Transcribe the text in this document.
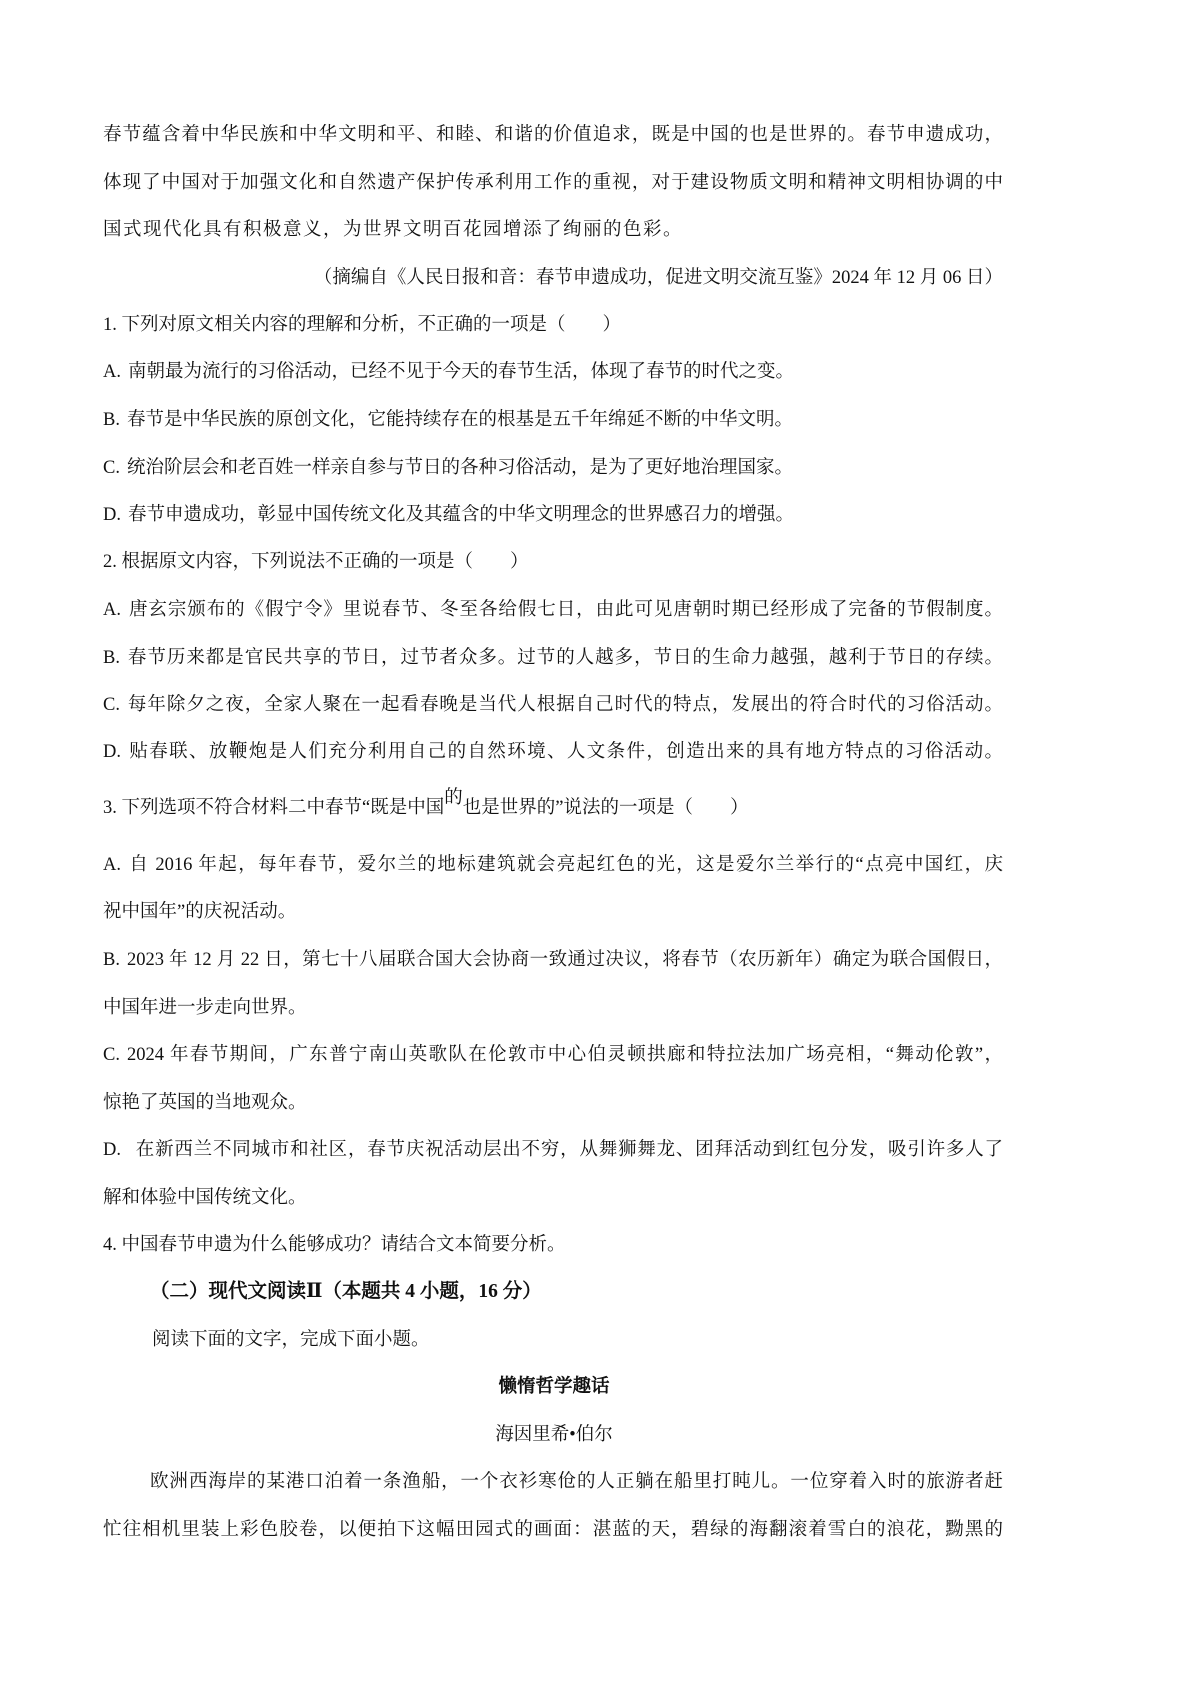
春节蕴含着中华民族和中华文明和平、和睦、和谐的价值追求，既是中国的也是世界的。春节申遗成功，
体现了中国对于加强文化和自然遗产保护传承利用工作的重视，对于建设物质文明和精神文明相协调的中
国式现代化具有积极意义，为世界文明百花园增添了绚丽的色彩。
（摘编自《人民日报和音：春节申遗成功，促进文明交流互鉴》2024 年 12 月 06 日）
1. 下列对原文相关内容的理解和分析，不正确的一项是（　　）
A. 南朝最为流行的习俗活动，已经不见于今天的春节生活，体现了春节的时代之变。
B. 春节是中华民族的原创文化，它能持续存在的根基是五千年绵延不断的中华文明。
C. 统治阶层会和老百姓一样亲自参与节日的各种习俗活动，是为了更好地治理国家。
D. 春节申遗成功，彰显中国传统文化及其蕴含的中华文明理念的世界感召力的增强。
2. 根据原文内容，下列说法不正确的一项是（　　）
A. 唐玄宗颁布的《假宁令》里说春节、冬至各给假七日，由此可见唐朝时期已经形成了完备的节假制度。
B. 春节历来都是官民共享的节日，过节者众多。过节的人越多，节日的生命力越强，越利于节日的存续。
C. 每年除夕之夜，全家人聚在一起看春晚是当代人根据自己时代的特点，发展出的符合时代的习俗活动。
D. 贴春联、放鞭炮是人们充分利用自己的自然环境、人文条件，创造出来的具有地方特点的习俗活动。
3. 下列选项不符合材料二中春节“既是中国的也是世界的”说法的一项是（　　）
A. 自 2016 年起，每年春节，爱尔兰的地标建筑就会亮起红色的光，这是爱尔兰举行的“点亮中国红，庆
祝中国年”的庆祝活动。
B. 2023 年 12 月 22 日，第七十八届联合国大会协商一致通过决议，将春节（农历新年）确定为联合国假日，
中国年进一步走向世界。
C. 2024 年春节期间，广东普宁南山英歌队在伦敦市中心伯灵顿拱廊和特拉法加广场亮相，“舞动伦敦”，
惊艳了英国的当地观众。
D. 在新西兰不同城市和社区，春节庆祝活动层出不穷，从舞狮舞龙、团拜活动到红包分发，吸引许多人了
解和体验中国传统文化。
4. 中国春节申遗为什么能够成功？请结合文本简要分析。
（二）现代文阅读Ⅱ（本题共 4 小题，16 分）
阅读下面的文字，完成下面小题。
懒惰哲学趣话
海因里希•伯尔
欧洲西海岸的某港口泊着一条渔船，一个衣衫寒伧的人正躺在船里打盹儿。一位穿着入时的旅游者赶
忙往相机里装上彩色胶卷，以便拍下这幅田园式的画面：湛蓝的天，碧绿的海翻滚着雪白的浪花，黝黑的
